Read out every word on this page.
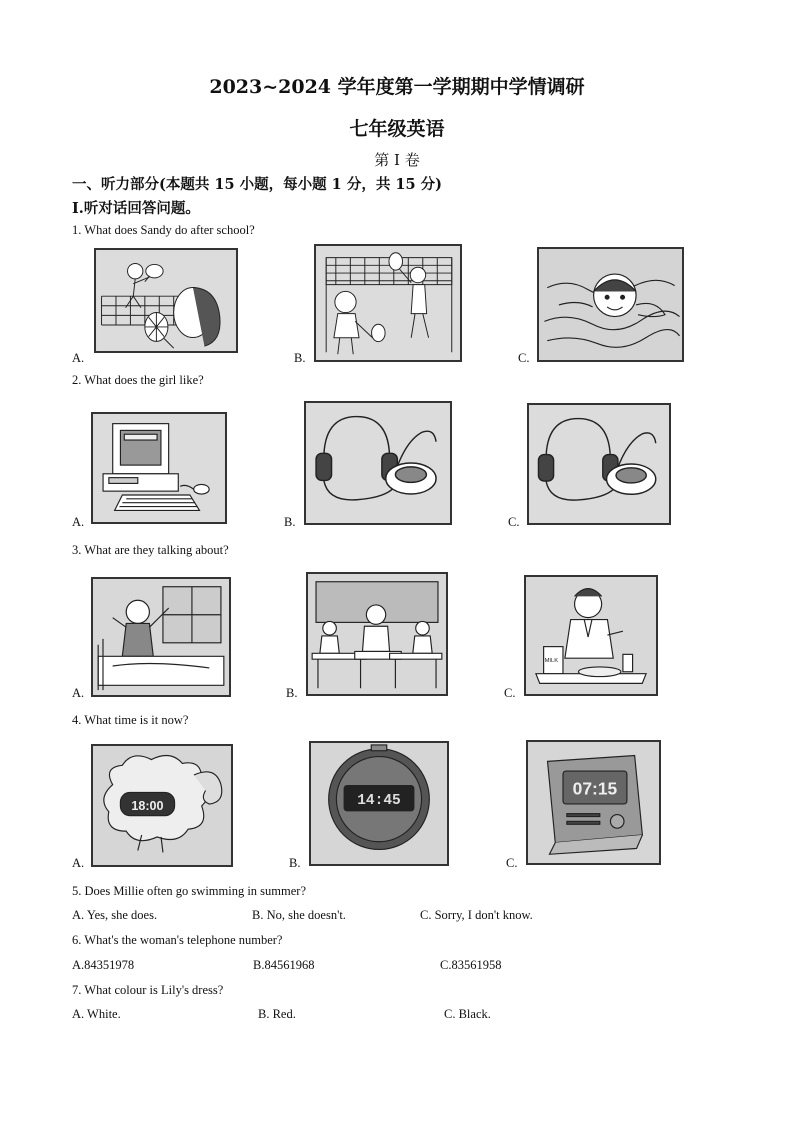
2023~2024 学年度第一学期期中学情调研
七年级英语
第 Ⅰ 卷
一、听力部分(本题共 15 小题，每小题 1 分，共 15 分)
Ⅰ.听对话回答问题。
1. What does Sandy do after school?
A.	B.	C.
2. What does the girl like?
A.	B.	C.
3. What are they talking about?
A.	B.
MILK
C.
4. What time is it now?
18:00
A.
14:45
B.
07:15
C.
5. Does Millie often go swimming in summer?
A. Yes, she does.	B. No, she doesn't.	C. Sorry, I don't know.
6. What's the woman's telephone number?
A.84351978	B.84561968	C.83561958
7. What colour is Lily's dress?
A. White.	B. Red.	C. Black.
